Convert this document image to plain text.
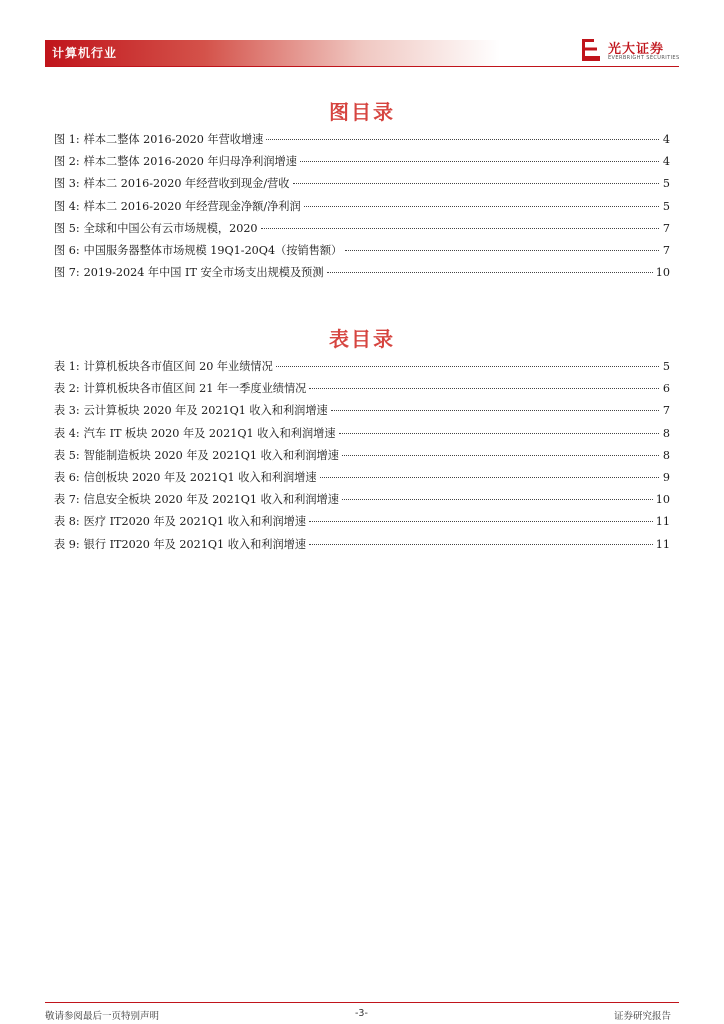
计算机行业	光大证券
EVERBRIGHT SECURITIES
图目录
图 1: 样本二整体 2016-2020 年营收增速	4
图 2: 样本二整体 2016-2020 年归母净利润增速	4
图 3: 样本二 2016-2020 年经营收到现金/营收	5
图 4: 样本二 2016-2020 年经营现金净额/净利润	5
图 5: 全球和中国公有云市场规模，2020	7
图 6: 中国服务器整体市场规模 19Q1-20Q4（按销售额）	7
图 7: 2019-2024 年中国 IT 安全市场支出规模及预测	10
表目录
表 1: 计算机板块各市值区间 20 年业绩情况	5
表 2: 计算机板块各市值区间 21 年一季度业绩情况	6
表 3: 云计算板块 2020 年及 2021Q1 收入和利润增速	7
表 4: 汽车 IT 板块 2020 年及 2021Q1 收入和利润增速	8
表 5: 智能制造板块 2020 年及 2021Q1 收入和利润增速	8
表 6: 信创板块 2020 年及 2021Q1 收入和利润增速	9
表 7: 信息安全板块 2020 年及 2021Q1 收入和利润增速	10
表 8: 医疗 IT2020 年及 2021Q1 收入和利润增速	11
表 9: 银行 IT2020 年及 2021Q1 收入和利润增速	11
敬请参阅最后一页特别声明	-3-	证券研究报告
